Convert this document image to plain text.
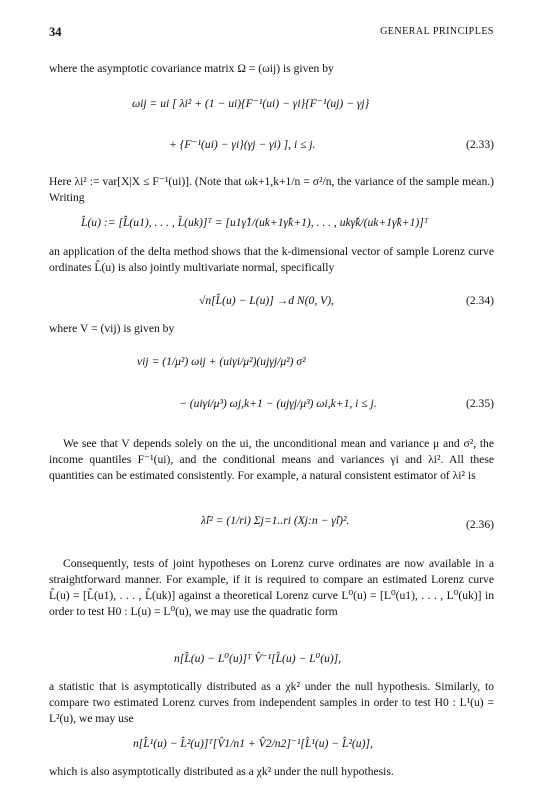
34	GENERAL PRINCIPLES
where the asymptotic covariance matrix Ω = (ωij) is given by
ωij = ui [ λi² + (1 − ui){F⁻¹(ui) − γi}{F⁻¹(uj) − γj}
+ {F⁻¹(ui) − γi}(γj − γi) ], i ≤ j.	(2.33)
Here λi² := var[X|X ≤ F⁻¹(ui)]. (Note that ωk+1,k+1/n = σ²/n, the variance of the sample mean.) Writing
L̂(u) := [L̂(u1), . . . , L̂(uk)]ᵀ = [u1γ̂1/(uk+1γ̂k+1), . . . , ukγ̂k/(uk+1γ̂k+1)]ᵀ
an application of the delta method shows that the k-dimensional vector of sample Lorenz curve ordinates L̂(u) is also jointly multivariate normal, specifically
√n[L̂(u) − L(u)] →d N(0, V),	(2.34)
where V = (vij) is given by
vij = (1/μ²) ωij + (uiγi/μ²)(ujγj/μ²) σ²
− (uiγi/μ³) ωj,k+1 − (ujγj/μ³) ωi,k+1, i ≤ j.	(2.35)
We see that V depends solely on the ui, the unconditional mean and variance μ and σ², the income quantiles F⁻¹(ui), and the conditional means and variances γi and λi². All these quantities can be estimated consistently. For example, a natural consistent estimator of λi² is
λ̂i² = (1/ri) Σj=1..ri (Xj:n − γ̂i)².	(2.36)
Consequently, tests of joint hypotheses on Lorenz curve ordinates are now available in a straightforward manner. For example, if it is required to compare an estimated Lorenz curve L̂(u) = [L̂(u1), . . . , L̂(uk)] against a theoretical Lorenz curve L⁰(u) = [L⁰(u1), . . . , L⁰(uk)] in order to test H0 : L(u) = L⁰(u), we may use the quadratic form
n[L̂(u) − L⁰(u)]ᵀ V̂⁻¹[L̂(u) − L⁰(u)],
a statistic that is asymptotically distributed as a χk² under the null hypothesis. Similarly, to compare two estimated Lorenz curves from independent samples in order to test H0 : L¹(u) = L²(u), we may use
n[L̂¹(u) − L̂²(u)]ᵀ[V̂1/n1 + V̂2/n2]⁻¹[L̂¹(u) − L̂²(u)],
which is also asymptotically distributed as a χk² under the null hypothesis.
